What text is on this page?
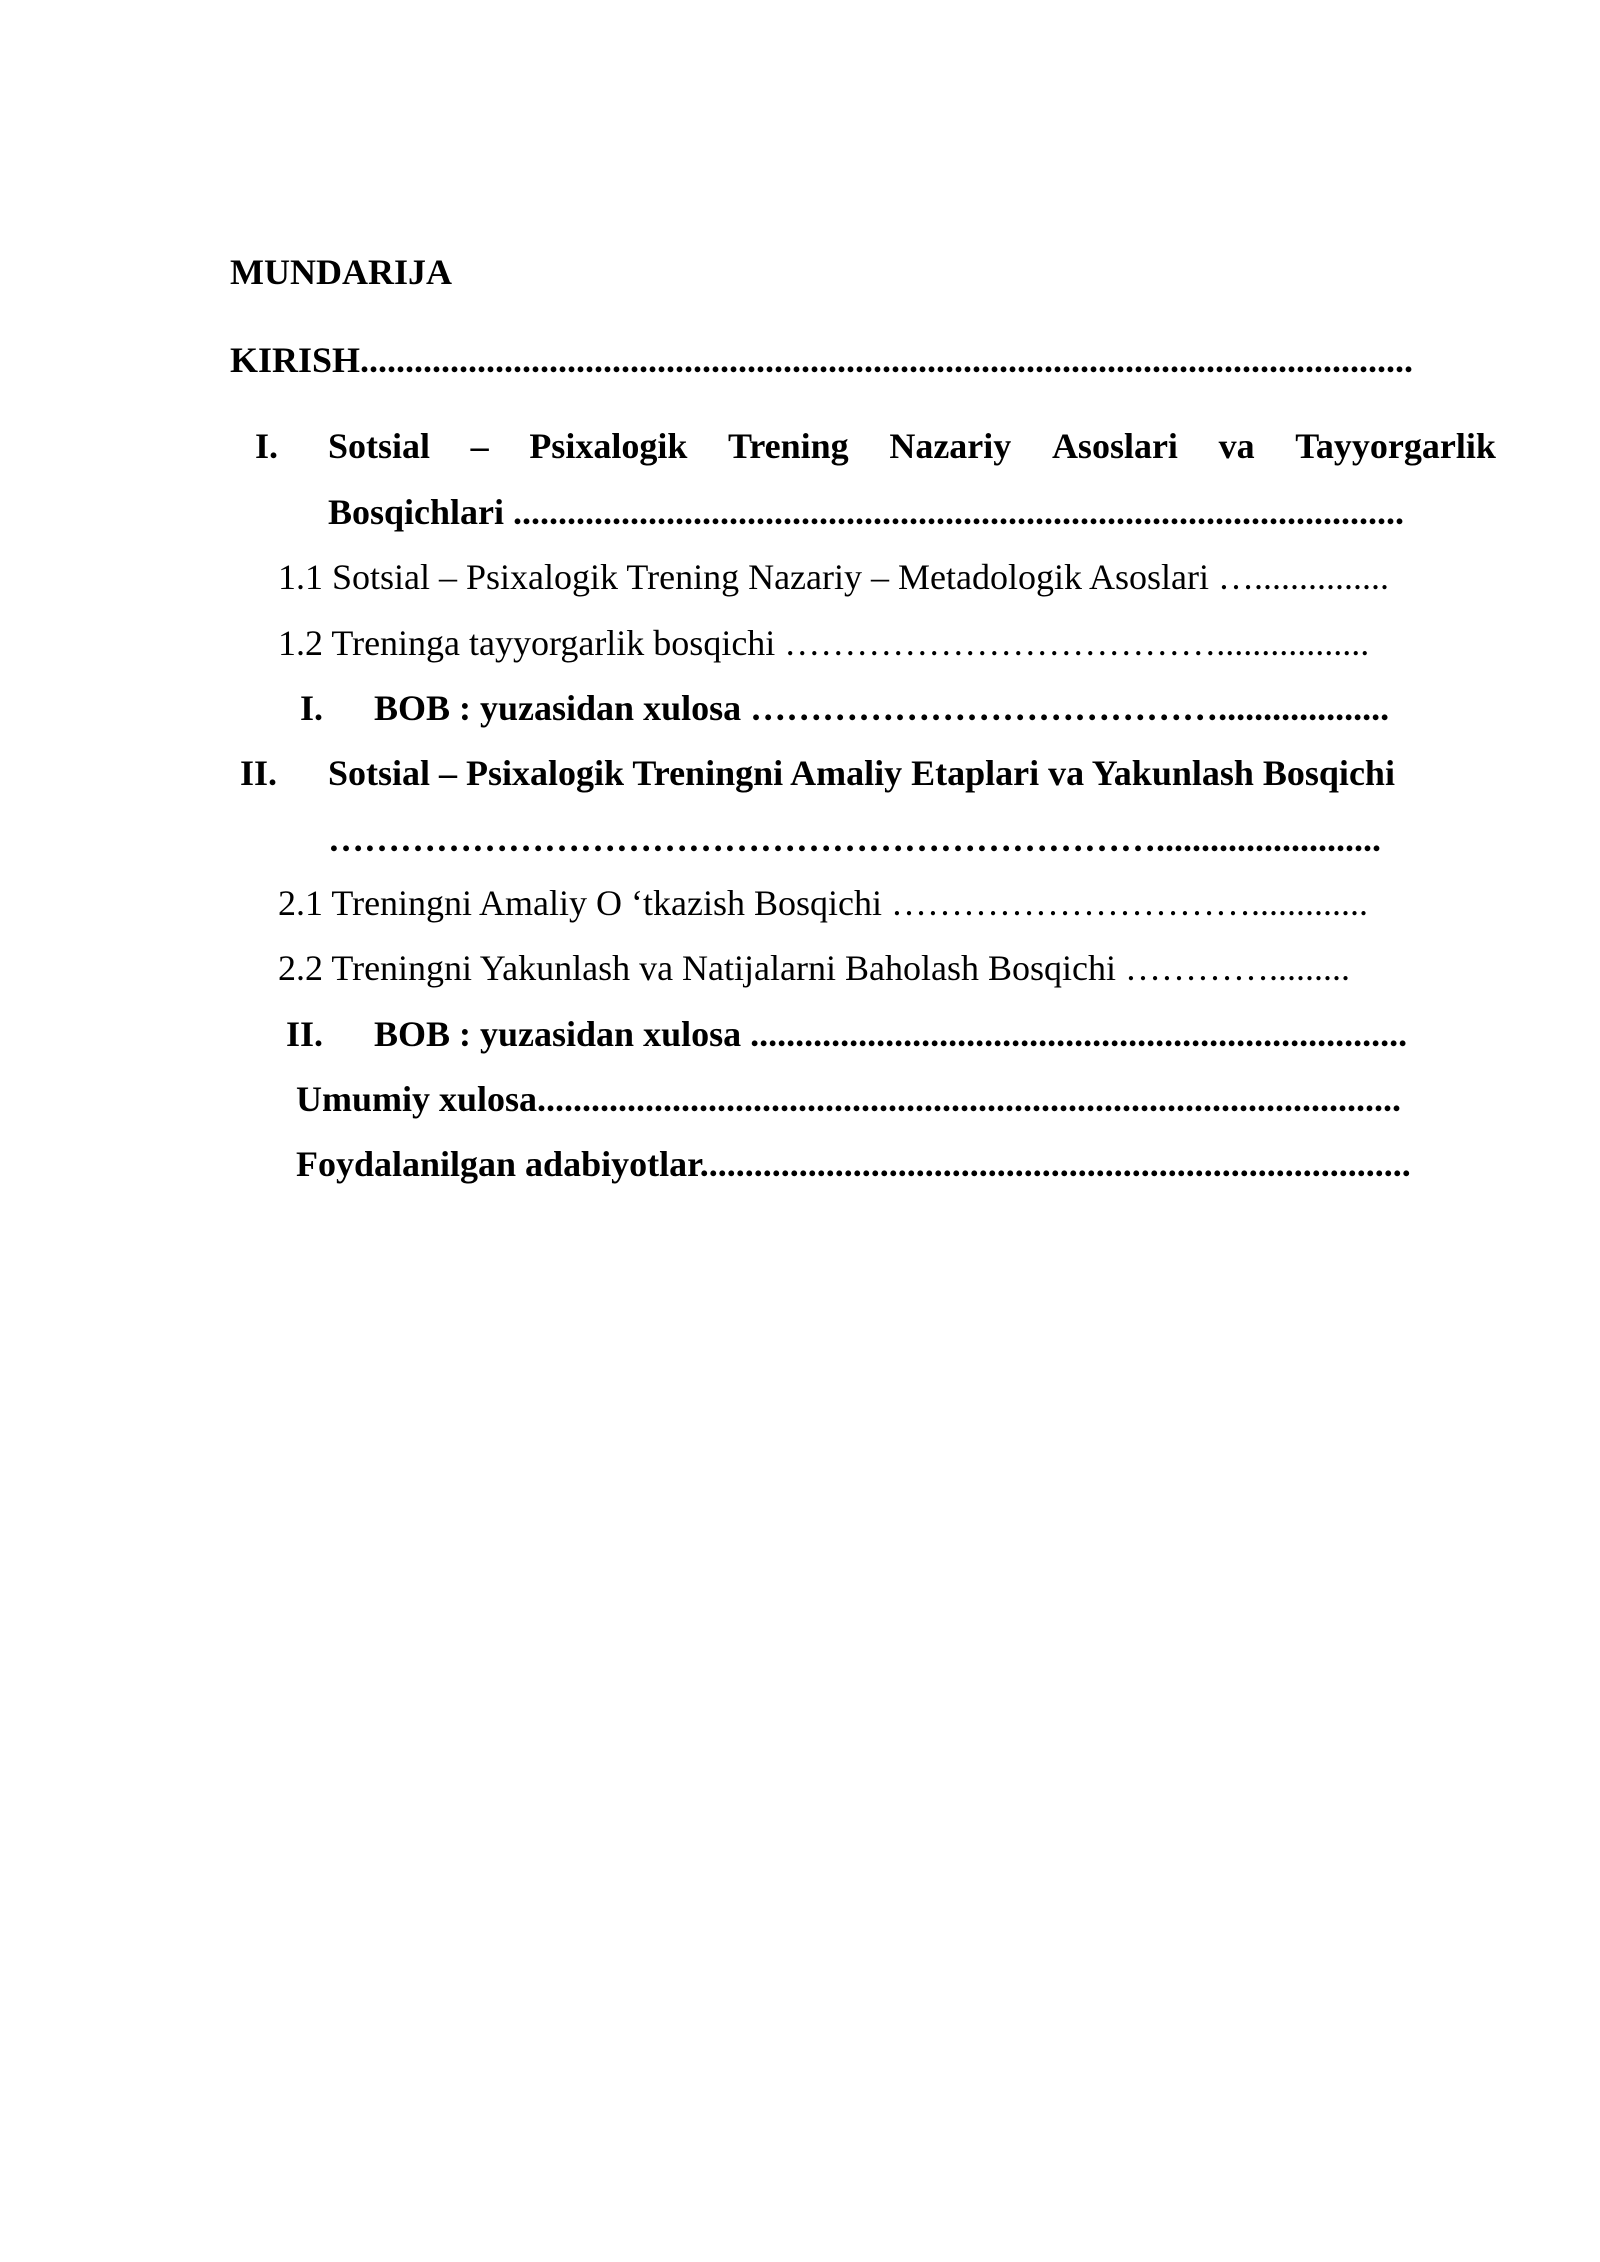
MUNDARIJA
KIRISH.....................................................................................................................
I. Sotsial – Psixalogik Trening Nazariy Asoslari va Tayyorgarlik
Bosqichlari ...................................................................................................
1.1 Sotsial – Psixalogik Trening Nazariy – Metadologik Asoslari …...............
1.2 Treninga tayyorgarlik bosqichi ……………………………….................
I. BOB : yuzasidan xulosa …………………………………...................
II. Sotsial – Psixalogik Treningni Amaliy Etaplari va Yakunlash Bosqichi
…………………………………………………………….........................
2.1 Treningni Amaliy O ‘tkazish Bosqichi ………………………….............
2.2 Treningni Yakunlash va Natijalarni Baholash Bosqichi ………….........
II. BOB : yuzasidan xulosa .........................................................................
Umumiy xulosa................................................................................................
Foydalanilgan adabiyotlar...............................................................................
